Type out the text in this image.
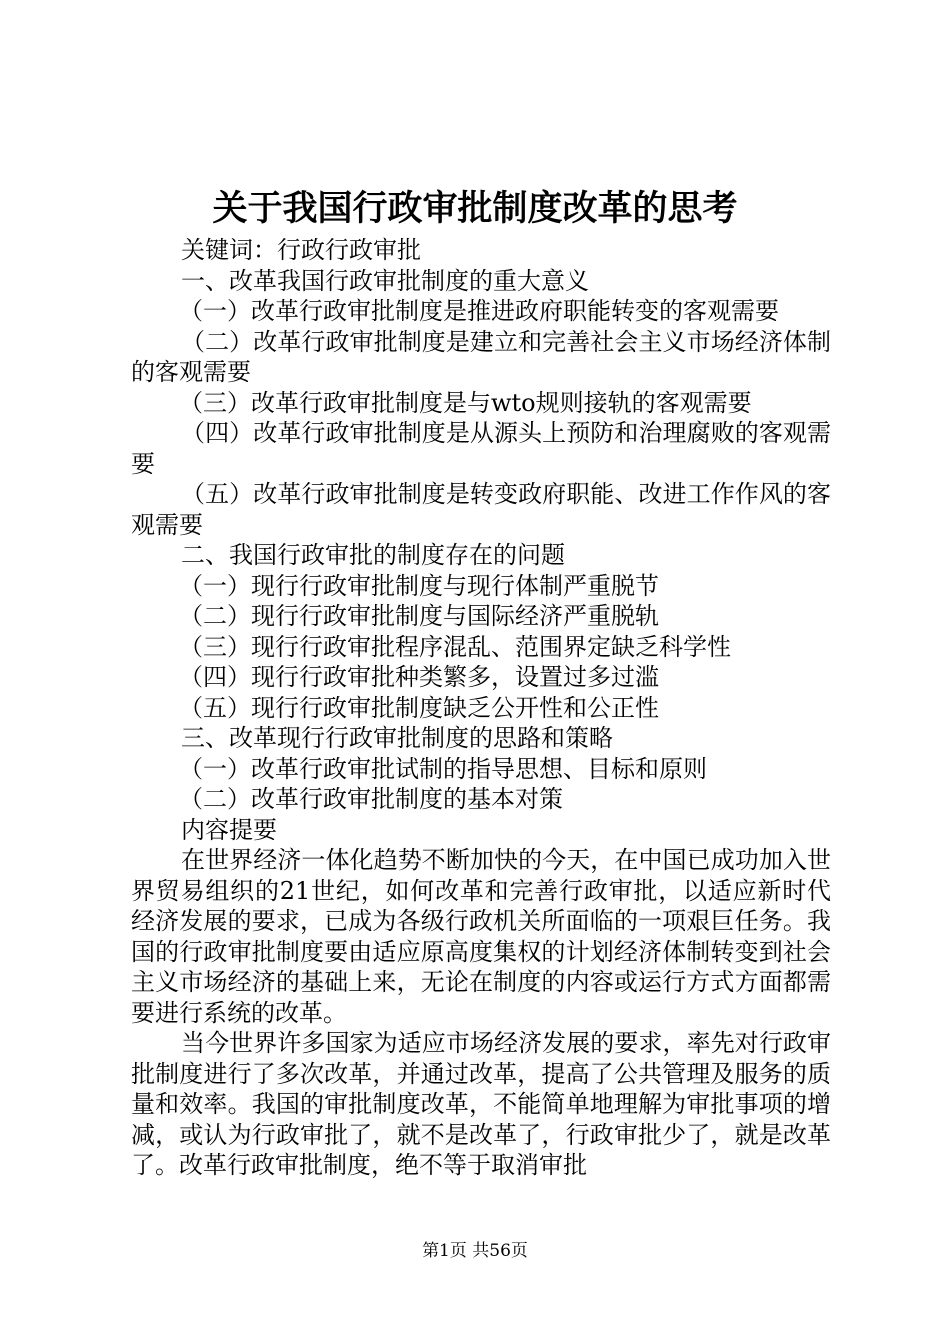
关于我国行政审批制度改革的思考

关键词：行政行政审批

一、改革我国行政审批制度的重大意义

（一）改革行政审批制度是推进政府职能转变的客观需要

（二）改革行政审批制度是建立和完善社会主义市场经济体制的客观需要

（三）改革行政审批制度是与wto规则接轨的客观需要

（四）改革行政审批制度是从源头上预防和治理腐败的客观需要

（五）改革行政审批制度是转变政府职能、改进工作作风的客观需要

二、我国行政审批的制度存在的问题

（一）现行行政审批制度与现行体制严重脱节

（二）现行行政审批制度与国际经济严重脱轨

（三）现行行政审批程序混乱、范围界定缺乏科学性

（四）现行行政审批种类繁多，设置过多过滥

（五）现行行政审批制度缺乏公开性和公正性

三、改革现行行政审批制度的思路和策略

（一）改革行政审批试制的指导思想、目标和原则

（二）改革行政审批制度的基本对策

内容提要

在世界经济一体化趋势不断加快的今天，在中国已成功加入世界贸易组织的21世纪，如何改革和完善行政审批，以适应新时代经济发展的要求，已成为各级行政机关所面临的一项艰巨任务。我国的行政审批制度要由适应原高度集权的计划经济体制转变到社会主义市场经济的基础上来，无论在制度的内容或运行方式方面都需要进行系统的改革。

当今世界许多国家为适应市场经济发展的要求，率先对行政审批制度进行了多次改革，并通过改革，提高了公共管理及服务的质量和效率。我国的审批制度改革，不能简单地理解为审批事项的增减，或认为行政审批了，就不是改革了，行政审批少了，就是改革了。改革行政审批制度，绝不等于取消审批

第1页 共56页
